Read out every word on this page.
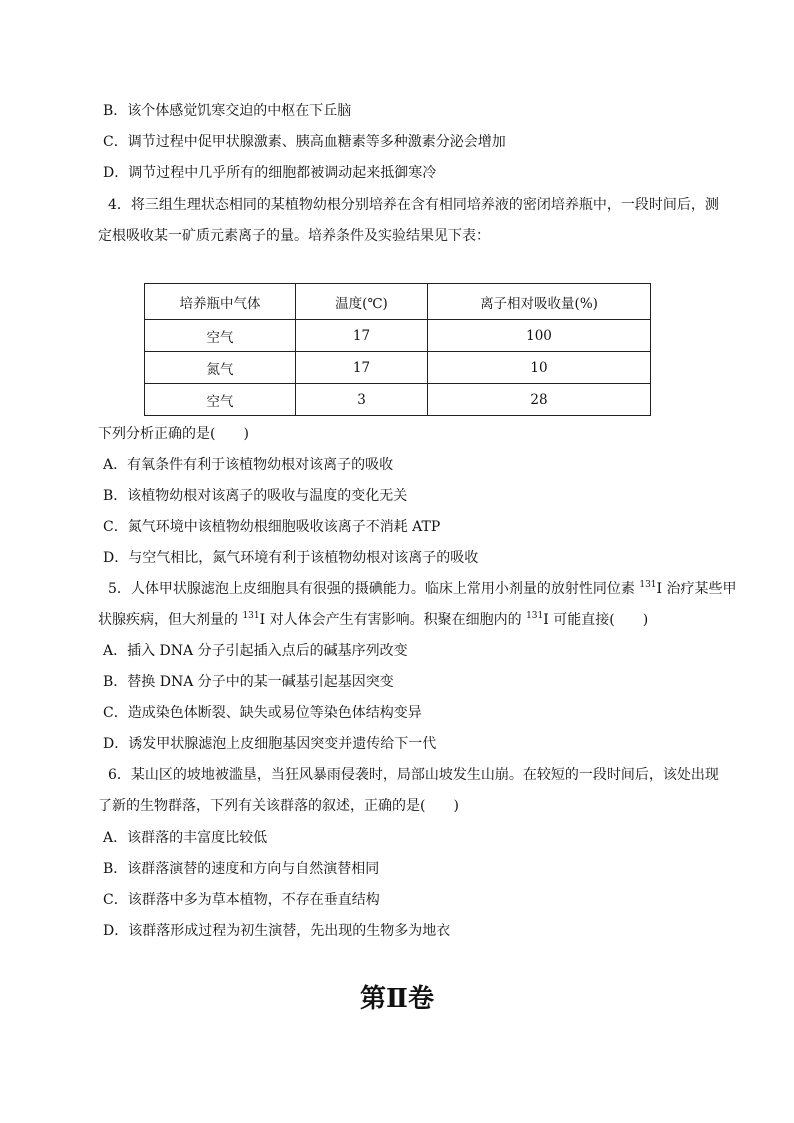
B．该个体感觉饥寒交迫的中枢在下丘脑
C．调节过程中促甲状腺激素、胰高血糖素等多种激素分泌会增加
D．调节过程中几乎所有的细胞都被调动起来抵御寒冷
4．将三组生理状态相同的某植物幼根分别培养在含有相同培养液的密闭培养瓶中，一段时间后，测
定根吸收某一矿质元素离子的量。培养条件及实验结果见下表：
培养瓶中气体	温度(℃)	离子相对吸收量(%)
空气	17	100
氮气	17	10
空气	3	28
下列分析正确的是(　　)
A．有氧条件有利于该植物幼根对该离子的吸收
B．该植物幼根对该离子的吸收与温度的变化无关
C．氮气环境中该植物幼根细胞吸收该离子不消耗 ATP
D．与空气相比，氮气环境有利于该植物幼根对该离子的吸收
5．人体甲状腺滤泡上皮细胞具有很强的摄碘能力。临床上常用小剂量的放射性同位素 $^{131}$I 治疗某些甲
状腺疾病，但大剂量的 $^{131}$I 对人体会产生有害影响。积聚在细胞内的 $^{131}$I 可能直接(　　)
A．插入 DNA 分子引起插入点后的碱基序列改变
B．替换 DNA 分子中的某一碱基引起基因突变
C．造成染色体断裂、缺失或易位等染色体结构变异
D．诱发甲状腺滤泡上皮细胞基因突变并遗传给下一代
6．某山区的坡地被滥垦，当狂风暴雨侵袭时，局部山坡发生山崩。在较短的一段时间后，该处出现
了新的生物群落，下列有关该群落的叙述，正确的是(　　)
A．该群落的丰富度比较低
B．该群落演替的速度和方向与自然演替相同
C．该群落中多为草本植物，不存在垂直结构
D．该群落形成过程为初生演替，先出现的生物多为地衣
第Ⅱ卷
